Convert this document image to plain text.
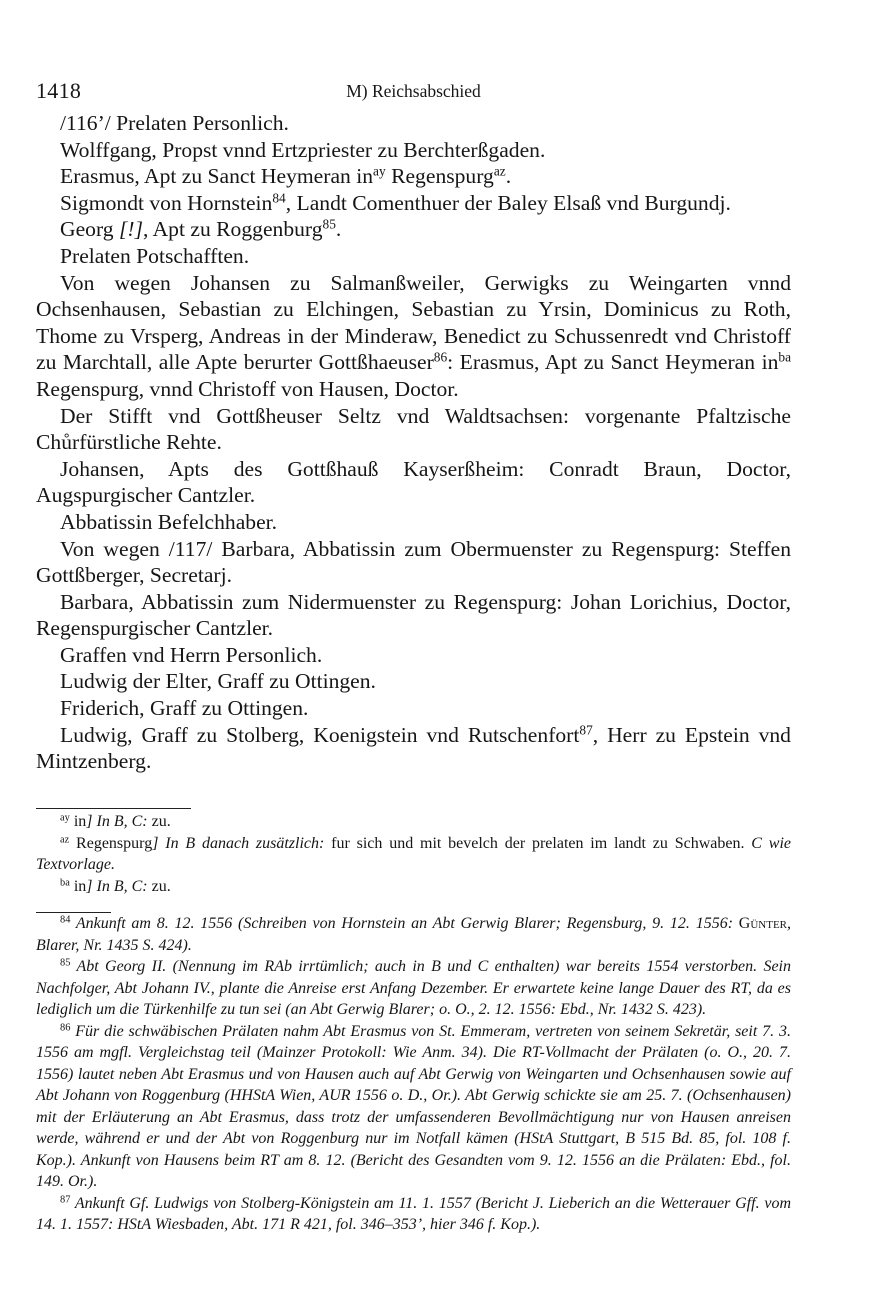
1418	M) Reichsabschied

/116’/ Prelaten Personlich.

Wolffgang, Propst vnnd Ertzpriester zu Berchterßgaden.

Erasmus, Apt zu Sanct Heymeran $in^{ay}$ Regenspurg$^{az}$.

Sigmondt von Hornstein$^{84}$, Landt Comenthuer der Baley Elsaß vnd Burgundj.

Georg [!], Apt zu Roggenburg$^{85}$.

Prelaten Potschafften.

Von wegen Johansen zu Salmanßweiler, Gerwigks zu Weingarten vnnd Ochsenhausen, Sebastian zu Elchingen, Sebastian zu Yrsin, Dominicus zu Roth, Thome zu Vrsperg, Andreas in der Minderaw, Benedict zu Schussenredt vnd Christoff zu Marchtall, alle Apte berurter Gottßhaeuser$^{86}$: Erasmus, Apt zu Sanct Heymeran $in^{ba}$ Regenspurg, vnnd Christoff von Hausen, Doctor.

Der Stifft vnd Gottßheuser Seltz vnd Waldtsachsen: vorgenante Pfaltzische Chůrfürstliche Rehte.

Johansen, Apts des Gottßhauß Kayserßheim: Conradt Braun, Doctor, Augspurgischer Cantzler.

Abbatissin Befelchhaber.

Von wegen /117/ Barbara, Abbatissin zum Obermuenster zu Regenspurg: Steffen Gottßberger, Secretarj.

Barbara, Abbatissin zum Nidermuenster zu Regenspurg: Johan Lorichius, Doctor, Regenspurgischer Cantzler.

Graffen vnd Herrn Personlich.

Ludwig der Elter, Graff zu Ottingen.

Friderich, Graff zu Ottingen.

Ludwig, Graff zu Stolberg, Koenigstein vnd Rutschenfort$^{87}$, Herr zu Epstein vnd Mintzenberg.

$^{ay}$ in] In B, C: zu.

$^{az}$ Regenspurg] In B danach zusätzlich: fur sich und mit bevelch der prelaten im landt zu Schwaben. C wie Textvorlage.

$^{ba}$ in] In B, C: zu.

$^{84}$ Ankunft am 8. 12. 1556 (Schreiben von Hornstein an Abt Gerwig Blarer; Regensburg, 9. 12. 1556: Günter, Blarer, Nr. 1435 S. 424).

$^{85}$ Abt Georg II. (Nennung im RAb irrtümlich; auch in B und C enthalten) war bereits 1554 verstorben. Sein Nachfolger, Abt Johann IV., plante die Anreise erst Anfang Dezember. Er erwartete keine lange Dauer des RT, da es lediglich um die Türkenhilfe zu tun sei (an Abt Gerwig Blarer; o. O., 2. 12. 1556: Ebd., Nr. 1432 S. 423).

$^{86}$ Für die schwäbischen Prälaten nahm Abt Erasmus von St. Emmeram, vertreten von seinem Sekretär, seit 7. 3. 1556 am mgfl. Vergleichstag teil (Mainzer Protokoll: Wie Anm. 34). Die RT-Vollmacht der Prälaten (o. O., 20. 7. 1556) lautet neben Abt Erasmus und von Hausen auch auf Abt Gerwig von Weingarten und Ochsenhausen sowie auf Abt Johann von Roggenburg (HHStA Wien, AUR 1556 o. D., Or.). Abt Gerwig schickte sie am 25. 7. (Ochsenhausen) mit der Erläuterung an Abt Erasmus, dass trotz der umfassenderen Bevollmächtigung nur von Hausen anreisen werde, während er und der Abt von Roggenburg nur im Notfall kämen (HStA Stuttgart, B 515 Bd. 85, fol. 108 f. Kop.). Ankunft von Hausens beim RT am 8. 12. (Bericht des Gesandten vom 9. 12. 1556 an die Prälaten: Ebd., fol. 149. Or.).

$^{87}$ Ankunft Gf. Ludwigs von Stolberg-Königstein am 11. 1. 1557 (Bericht J. Lieberich an die Wetterauer Gff. vom 14. 1. 1557: HStA Wiesbaden, Abt. 171 R 421, fol. 346–353’, hier 346 f. Kop.).
